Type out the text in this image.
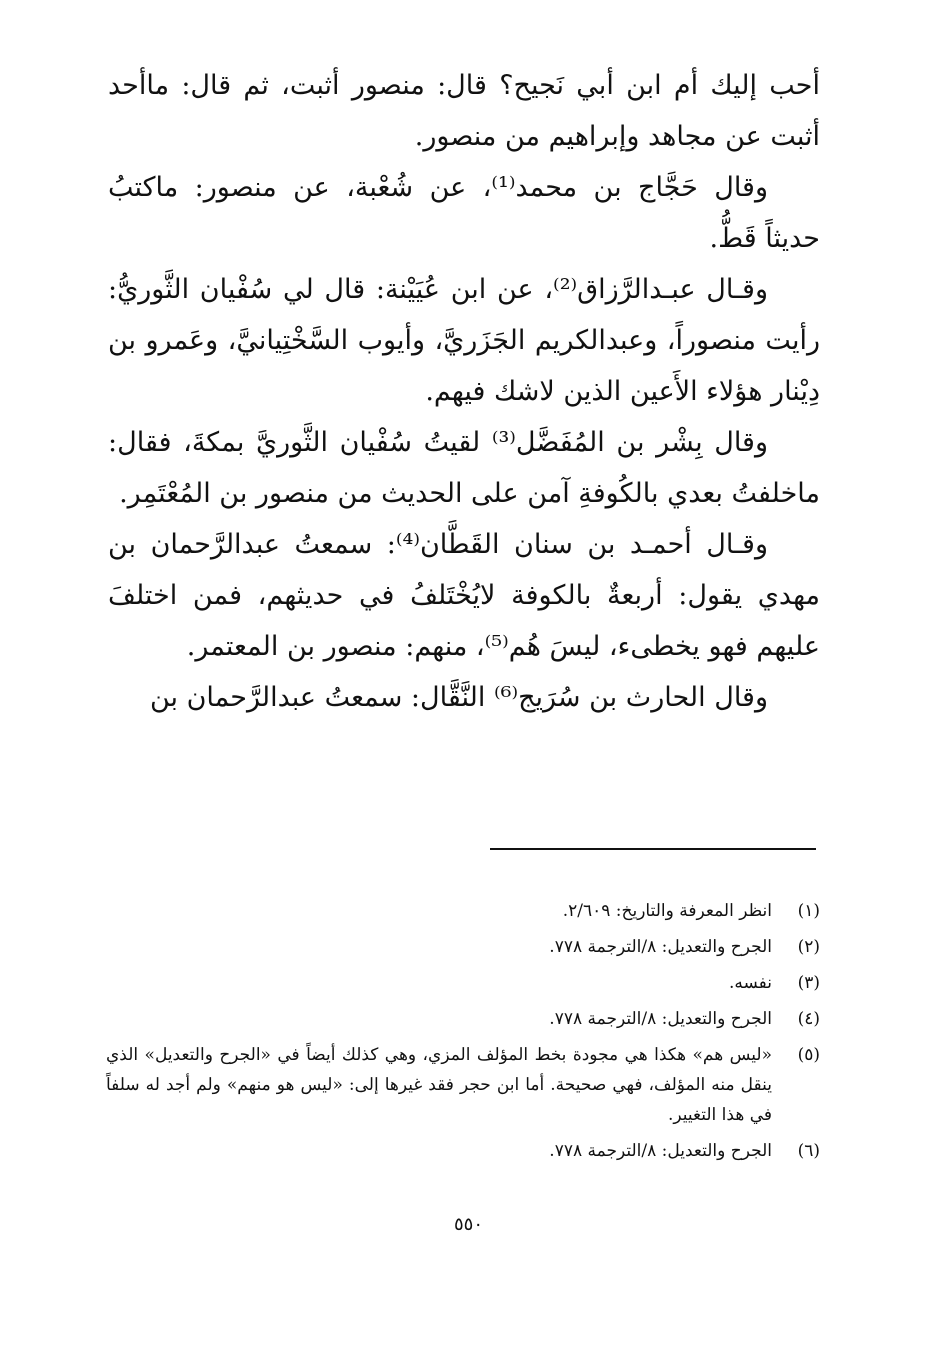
أحب إليك أم ابن أبي نَجيح؟ قال: منصور أثبت، ثم قال: ماأحد أثبت عن مجاهد وإبراهيم من منصور.

وقال حَجَّاج بن محمد⁽¹⁾، عن شُعْبة، عن منصور: ماكتبُ حديثاً قَطُّ.

وقـال عبـدالرَّزاق⁽²⁾، عن ابن عُيَيْنة: قال لي سُفْيان الثَّوريُّ: رأيت منصوراً، وعبدالكريم الجَزَريَّ، وأيوب السَّخْتِيانيَّ، وعَمرو بن دِيْنار هؤلاء الأَعين الذين لاشك فيهم.

وقال بِشْر بن المُفَضَّل⁽³⁾ لقيتُ سُفْيان الثَّوريَّ بمكةَ، فقال: ماخلفتُ بعدي بالكُوفةِ آمن على الحديث من منصور بن المُعْتَمِر.

وقـال أحمـد بن سنان القَطَّان⁽⁴⁾: سمعتُ عبدالرَّحمان بن مهدي يقول: أربعةٌ بالكوفة لايُخْتَلفُ في حديثهم، فمن اختلفَ عليهم فهو يخطىء، ليسَ هُم⁽⁵⁾، منهم: منصور بن المعتمر.

وقال الحارث بن سُرَيج⁽⁶⁾ النَّقَّال: سمعتُ عبدالرَّحمان بن

(١)
انظر المعرفة والتاريخ: ٢/٦٠٩.
(٢)
الجرح والتعديل: ٨/الترجمة ٧٧٨.
(٣)
نفسه.
(٤)
الجرح والتعديل: ٨/الترجمة ٧٧٨.
(٥)
«ليس هم» هكذا هي مجودة بخط المؤلف المزي، وهي كذلك أيضاً في «الجرح والتعديل» الذي ينقل منه المؤلف، فهي صحيحة. أما ابن حجر فقد غيرها إلى: «ليس هو منهم» ولم أجد له سلفاً في هذا التغيير.
(٦)
الجرح والتعديل: ٨/الترجمة ٧٧٨.
٥٥٠
